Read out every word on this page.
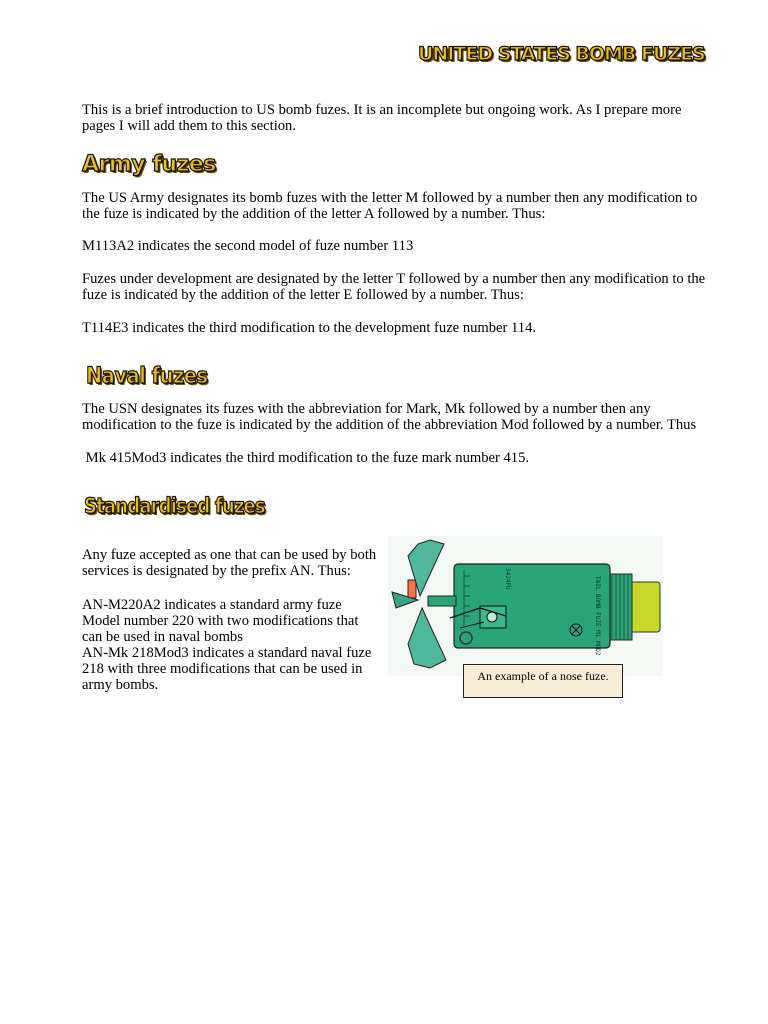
UNITED STATES BOMB FUZES

This is a brief introduction to US bomb fuzes. It is an incomplete but ongoing work. As I prepare more pages I will add them to this section.

Army fuzes

The US Army designates its bomb fuzes with the letter M followed by a number then any modification to the fuze is indicated by the addition of the letter A followed by a number. Thus:

M113A2 indicates the second model of fuze number 113

Fuzes under development are designated by the letter T followed by a number then any modification to the fuze is indicated by the addition of the letter E followed by a number. Thus:

T114E3 indicates the third modification to the development fuze number 114.

Naval fuzes

The USN designates its fuzes with the abbreviation for Mark, Mk followed by a number then any modification to the fuze is indicated by the addition of the abbreviation Mod followed by a number. Thus

Mk 415Mod3 indicates the third modification to the fuze mark number 415.

Standardised fuzes

Any fuze accepted as one that can be used by both services is designated by the prefix AN. Thus:

AN-M220A2 indicates a standard army fuze Model number 220 with two modifications that can be used in naval bombs

AN-Mk 218Mod3 indicates a standard naval fuze 218 with three modifications that can be used in army bombs.

TAIL BOMB FUZE M1 MOD2
3424FU
An example of a nose fuze.
